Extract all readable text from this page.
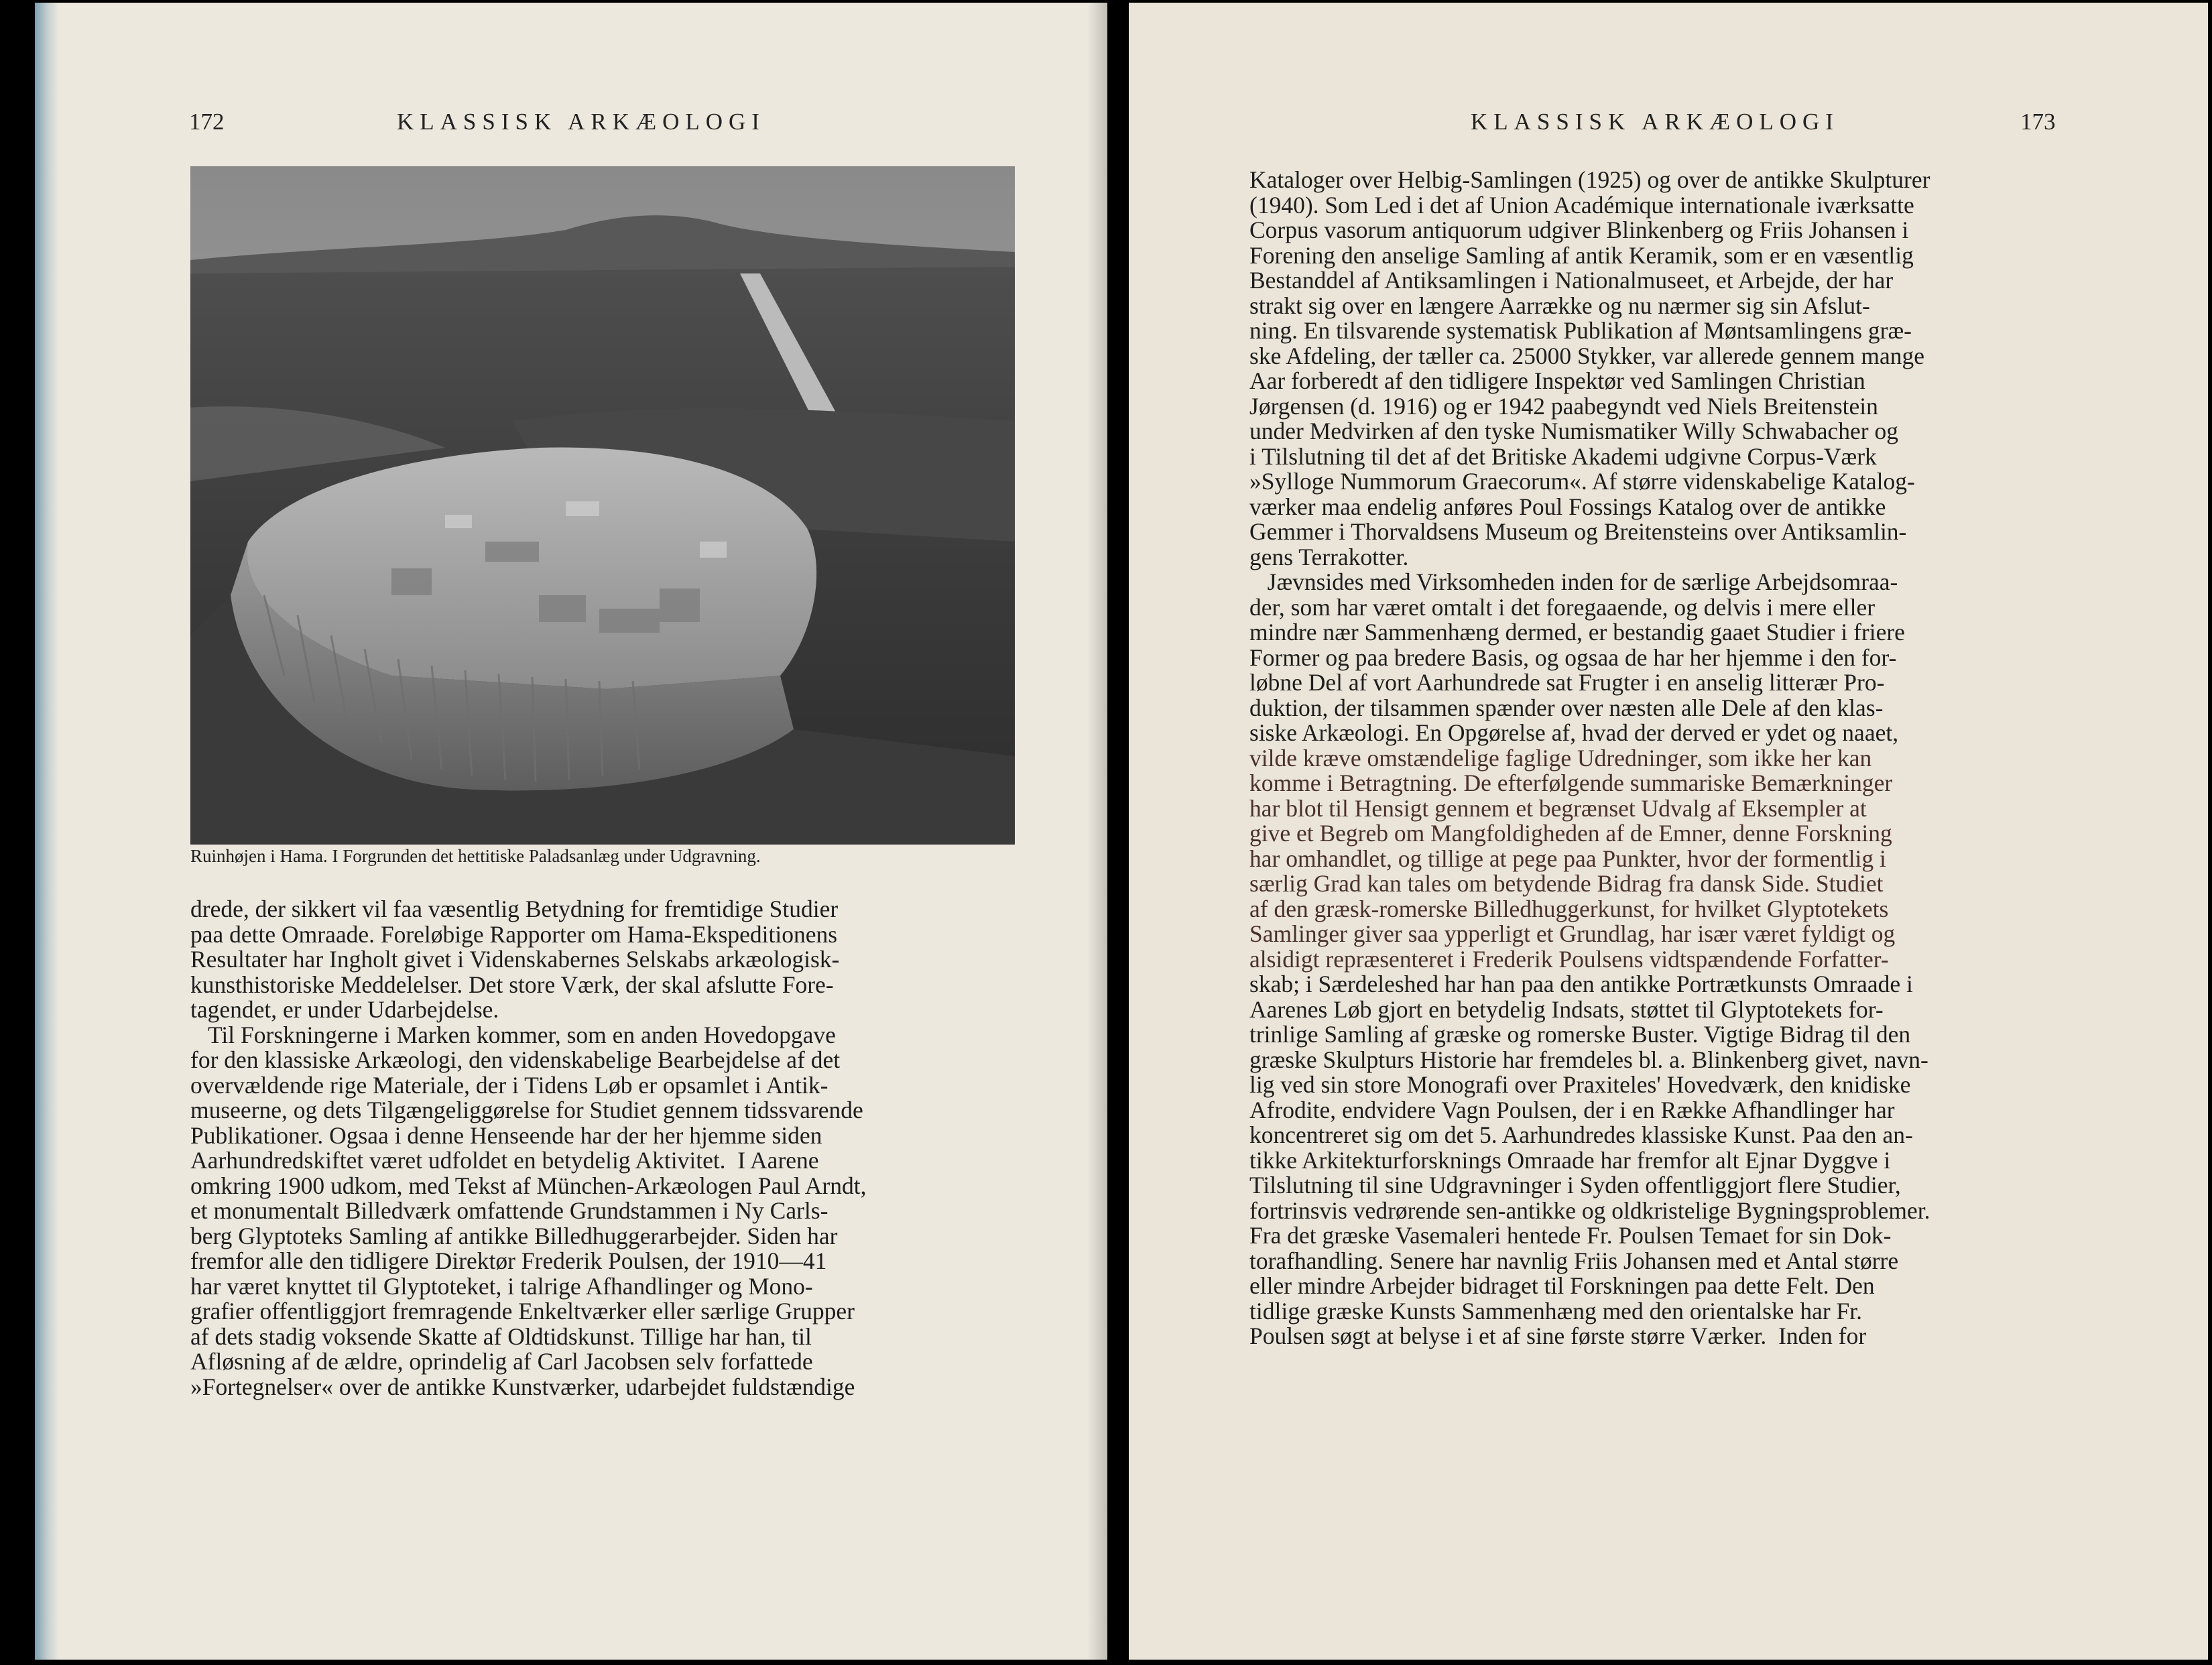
172	KLASSISK ARKÆOLOGI
Ruinhøjen i Hama. I Forgrunden det hettitiske Paladsanlæg under Udgravning.
drede, der sikkert vil faa væsentlig Betydning for fremtidige Studier
paa dette Omraade. Foreløbige Rapporter om Hama-Ekspeditionens
Resultater har Ingholt givet i Videnskabernes Selskabs arkæologisk-
kunsthistoriske Meddelelser. Det store Værk, der skal afslutte Fore-
tagendet, er under Udarbejdelse.
Til Forskningerne i Marken kommer, som en anden Hovedopgave
for den klassiske Arkæologi, den videnskabelige Bearbejdelse af det
overvældende rige Materiale, der i Tidens Løb er opsamlet i Antik-
museerne, og dets Tilgængeliggørelse for Studiet gennem tidssvarende
Publikationer. Ogsaa i denne Henseende har der her hjemme siden
Aarhundredskiftet været udfoldet en betydelig Aktivitet.  I Aarene
omkring 1900 udkom, med Tekst af München-Arkæologen Paul Arndt,
et monumentalt Billedværk omfattende Grundstammen i Ny Carls-
berg Glyptoteks Samling af antikke Billedhuggerarbejder. Siden har
fremfor alle den tidligere Direktør Frederik Poulsen, der 1910—41
har været knyttet til Glyptoteket, i talrige Afhandlinger og Mono-
grafier offentliggjort fremragende Enkeltværker eller særlige Grupper
af dets stadig voksende Skatte af Oldtidskunst. Tillige har han, til
Afløsning af de ældre, oprindelig af Carl Jacobsen selv forfattede
»Fortegnelser« over de antikke Kunstværker, udarbejdet fuldstændige
KLASSISK ARKÆOLOGI	173
Kataloger over Helbig-Samlingen (1925) og over de antikke Skulpturer
(1940). Som Led i det af Union Académique internationale iværksatte
Corpus vasorum antiquorum udgiver Blinkenberg og Friis Johansen i
Forening den anselige Samling af antik Keramik, som er en væsentlig
Bestanddel af Antiksamlingen i Nationalmuseet, et Arbejde, der har
strakt sig over en længere Aarrække og nu nærmer sig sin Afslut-
ning. En tilsvarende systematisk Publikation af Møntsamlingens græ-
ske Afdeling, der tæller ca. 25000 Stykker, var allerede gennem mange
Aar forberedt af den tidligere Inspektør ved Samlingen Christian
Jørgensen (d. 1916) og er 1942 paabegyndt ved Niels Breitenstein
under Medvirken af den tyske Numismatiker Willy Schwabacher og
i Tilslutning til det af det Britiske Akademi udgivne Corpus-Værk
»Sylloge Nummorum Graecorum«. Af større videnskabelige Katalog-
værker maa endelig anføres Poul Fossings Katalog over de antikke
Gemmer i Thorvaldsens Museum og Breitensteins over Antiksamlin-
gens Terrakotter.
Jævnsides med Virksomheden inden for de særlige Arbejdsomraa-
der, som har været omtalt i det foregaaende, og delvis i mere eller
mindre nær Sammenhæng dermed, er bestandig gaaet Studier i friere
Former og paa bredere Basis, og ogsaa de har her hjemme i den for-
løbne Del af vort Aarhundrede sat Frugter i en anselig litterær Pro-
duktion, der tilsammen spænder over næsten alle Dele af den klas-
siske Arkæologi. En Opgørelse af, hvad der derved er ydet og naaet,
vilde kræve omstændelige faglige Udredninger, som ikke her kan
komme i Betragtning. De efterfølgende summariske Bemærkninger
har blot til Hensigt gennem et begrænset Udvalg af Eksempler at
give et Begreb om Mangfoldigheden af de Emner, denne Forskning
har omhandlet, og tillige at pege paa Punkter, hvor der formentlig i
særlig Grad kan tales om betydende Bidrag fra dansk Side. Studiet
af den græsk-romerske Billedhuggerkunst, for hvilket Glyptotekets
Samlinger giver saa ypperligt et Grundlag, har især været fyldigt og
alsidigt repræsenteret i Frederik Poulsens vidtspændende Forfatter-
skab; i Særdeleshed har han paa den antikke Portrætkunsts Omraade i
Aarenes Løb gjort en betydelig Indsats, støttet til Glyptotekets for-
trinlige Samling af græske og romerske Buster. Vigtige Bidrag til den
græske Skulpturs Historie har fremdeles bl. a. Blinkenberg givet, navn-
lig ved sin store Monografi over Praxiteles' Hovedværk, den knidiske
Afrodite, endvidere Vagn Poulsen, der i en Række Afhandlinger har
koncentreret sig om det 5. Aarhundredes klassiske Kunst. Paa den an-
tikke Arkitekturforsknings Omraade har fremfor alt Ejnar Dyggve i
Tilslutning til sine Udgravninger i Syden offentliggjort flere Studier,
fortrinsvis vedrørende sen-antikke og oldkristelige Bygningsproblemer.
Fra det græske Vasemaleri hentede Fr. Poulsen Temaet for sin Dok-
torafhandling. Senere har navnlig Friis Johansen med et Antal større
eller mindre Arbejder bidraget til Forskningen paa dette Felt. Den
tidlige græske Kunsts Sammenhæng med den orientalske har Fr.
Poulsen søgt at belyse i et af sine første større Værker.  Inden for
